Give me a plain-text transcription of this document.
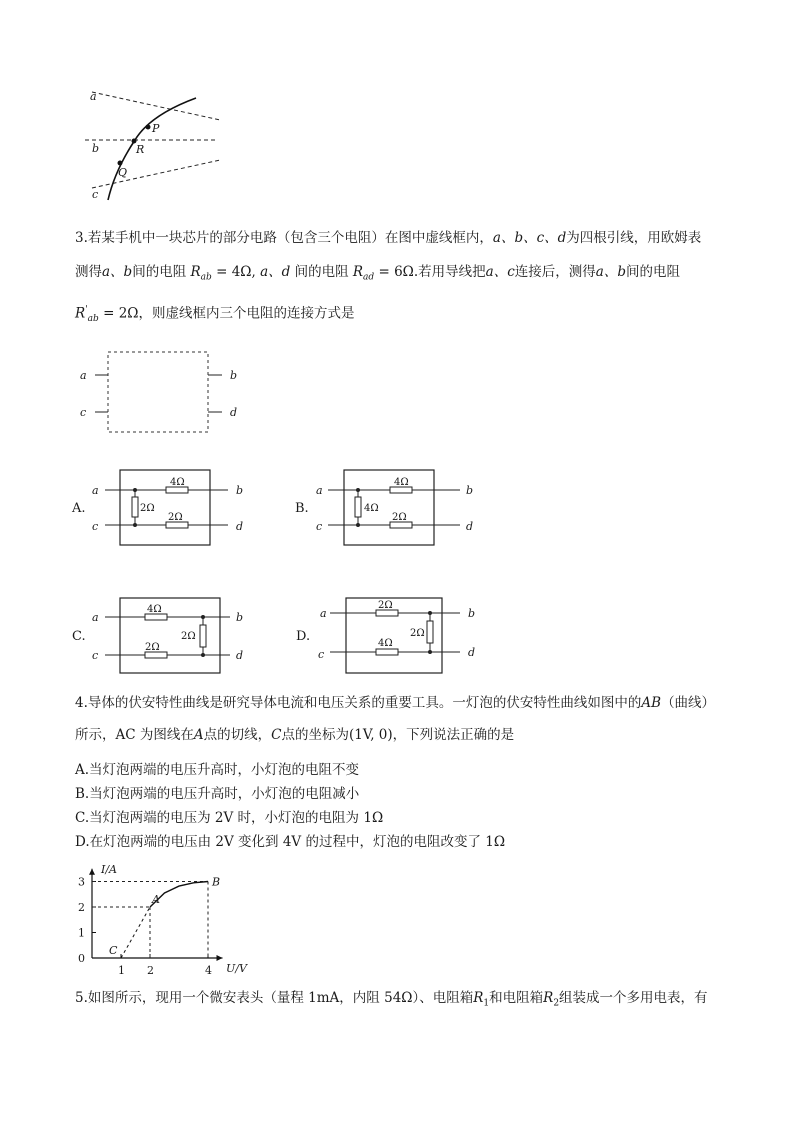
a
b
c
P
R
Q
3.若某手机中一块芯片的部分电路（包含三个电阻）在图中虚线框内，a、b、c、d为四根引线，用欧姆表
测得a、b间的电阻 $R_{ab} = 4\Omega$, a、d 间的电阻 $R_{ad} = 6\Omega$.若用导线把a、c连接后，测得a、b间的电阻
$R'_{ab} = 2\Omega$，则虚线框内三个电阻的连接方式是
a	b
c	d
A.
4Ω
2Ω
2Ω
a
c
b
d
B.
4Ω
4Ω
2Ω
a
c
b
d
C.
4Ω
2Ω
2Ω
a
c
b
d
D.
2Ω
2Ω
4Ω
a
c
b
d
4.导体的伏安特性曲线是研究导体电流和电压关系的重要工具。一灯泡的伏安特性曲线如图中的AB（曲线）
所示，AC 为图线在A点的切线，C点的坐标为(1V, 0)，下列说法正确的是
A.当灯泡两端的电压升高时，小灯泡的电阻不变
B.当灯泡两端的电压升高时，小灯泡的电阻减小
C.当灯泡两端的电压为 2V 时，小灯泡的电阻为 1Ω
D.在灯泡两端的电压由 2V 变化到 4V 的过程中，灯泡的电阻改变了 1Ω
I/A
U/V
0
1
2
3
1 2	4
C
A
B
5.如图所示，现用一个微安表头（量程 1mA，内阻 54Ω）、电阻箱$R_1$和电阻箱$R_2$组装成一个多用电表，有
